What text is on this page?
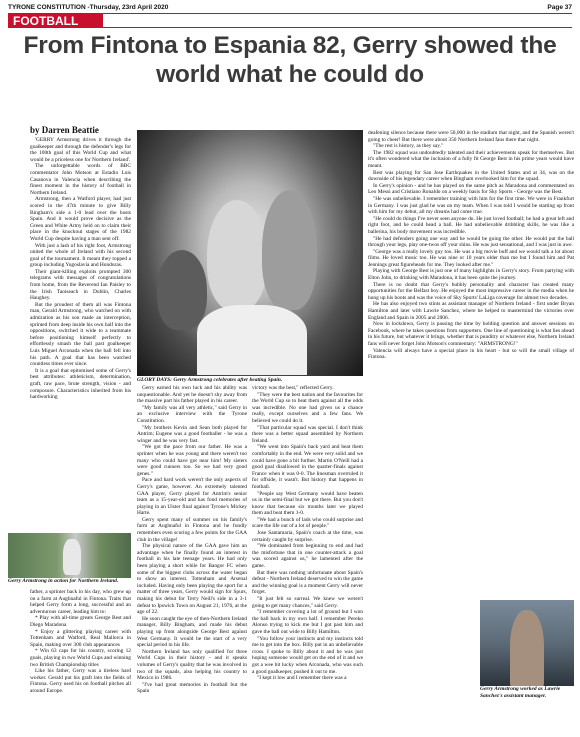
TYRONE CONSTITUTION -Thursday, 23rd April 2020	Page 37
FOOTBALL
From Fintona to Espania 82, Gerry showed the world what he could do
by Darren Beattie

'GERRY Armstrong drives it through the goalkeeper and through the defender's legs for the 100th goal of this World Cup and what would be a priceless one for Northern Ireland'.

The unforgettable words of BBC commentator John Motson at Estadio Luis Casanova in Valencia when describing the finest moment in the history of football in Northern Ireland.

Armstrong, then a Watford player, had just scored in the 47th minute to give Billy Bingham's side a 1-0 lead over the hosts Spain. And it would prove decisive as the Green and White Army held on to claim their place in the knockout stages of the 1982 World Cup despite having a man sent off.

With just a lash of his right foot, Armstrong united the whole of Ireland with his second goal of the tournament. It meant they topped a group including Yugoslavia and Honduras.

Their giant-killing exploits prompted 300 telegrams with messages of congratulations from home, from the Reverend Ian Paisley to the Irish Taoiseach in Dublin, Charles Haughey.

But the proudest of them all was Fintona man, Gerald Armstrong, who watched on with admiration as his son made an interception, sprinted from deep inside his own half into the oppositions, switched it wide to a teammate before positioning himself perfectly to effortlessly smash the ball past goalkeeper Luis Miguel Arconada when the ball fell into his path. A goal that has been watched countless times ever since.

It is a goal that epitomised some of Gerry's best attributes: athleticism, determination, graft, raw pace, brute strength, vision - and composure. Characteristics inherited from his hardworking

GLORY DAYS: Gerry Armstrong celebrates after beating Spain.
Gerry Armstrong in action for Northern Ireland.

father, a sprinter back in his day, who grew up on a farm at Aughnaful in Fintona. Traits that helped Gerry form a long, successful and an adventurous career, leading him to:

* Play with all-time greats George Best and Diego Maradona

* Enjoy a glittering playing career with Tottenham and Watford, Real Mallorca in Spain, making over 300 club appearances

* Win 63 caps for his country, scoring 12 goals, playing in two World Cups and winning two British Championship titles

Like his father, Gerry was a tireless hard worker. Gerald put his graft into the fields of Fintona. Gerry used his on football pitches all around Europe.

Gerry earned his own luck and his ability was unquestionable. And yet he doesn't shy away from the massive part his father played in his career.

"My family was all very athletic," said Gerry in an exclusive interview with the Tyrone Constitution.

"My brothers Kevin and Sean both played for Antrim; Eugene was a good footballer - he was a winger and he was very fast.

"We got the pace from our father. He was a sprinter when he was young and there weren't too many who could have got near him! My sisters were good runners too. So we had very good genes."

Pace and hard work weren't the only aspects of Gerry's game, however. An extremely talented GAA player, Gerry played for Antrim's senior team as a 15-year-old and has fond memories of playing in an Ulster final against Tyrone's Mickey Harte.

Gerry spent many of summer on his family's farm at Aughnaful in Fintona and he fondly remembers even scoring a few points for the GAA club in the village!

The physical nature of the GAA gave him an advantage when he finally found an interest in football in his late teenage years. He had only been playing a short while for Bangor FC when some of the biggest clubs across the water began to show an interest. Tottenham and Arsenal included. Having only been playing the sport for a matter of three years, Gerry would sign for Spurs, making his debut for Terry Neill's side in a 3-1 defeat to Ipswich Town on August 21, 1976, at the age of 22.

He soon caught the eye of then-Northern Ireland manager, Billy Bingham, and made his debut playing up front alongside George Best against West Germany. It would be the start of a very special period in his life.

Northern Ireland has only qualified for three World Cups in their history - and it speaks volumes of Gerry's quality that he was involved in two of the squads, also helping his country to Mexico in 1986.

"I've had great memories in football but the Spain

victory was the best," reflected Gerry.

"They were the best nation and the favourites for the World Cup so to beat them against all the odds was incredible. No one had given us a chance really, except ourselves and a few fans. We believed we could do it.

"That particular squad was special. I don't think there was a better squad assembled by Northern Ireland.

"We went into Spain's back yard and beat them comfortably in the end. We were very solid and we could have gone a bit further. Martin O'Neill had a good goal disallowed in the quarter-finals against France when it was 0-0. The linesman overruled it for offside, it wasn't. But history that happens in football.

"People say West Germany would have beaten us in the semi-final but we got there. But you don't know that because six months later we played them and beat them 1-0.

"We had a bunch of lads who could surprise and scare the life out of a lot of people."

Jose Santamaria, Spain's coach at the time, was certainly caught by surprise.

"We dominated from beginning to end and had the misfortune that in one counter-attack a goal was scored against us," he lamented after the game.

But there was nothing unfortunate about Spain's defeat - Northern Ireland deserved to win the game and the winning goal is a moment Gerry will never forget.

"It just felt so surreal. We knew we weren't going to get many chances," said Gerry.

"I remember covering a lot of ground but I won the ball back in my own half. I remember Pereko Alonso trying to kick me but I got past him and gave the ball out wide to Billy Hamilton.

"You follow your instincts and my instincts told me to get into the box. Billy put in an unbelievable cross. I spoke to Billy about it and he was just hoping someone would get on the end of it and we got a wee bit lucky when Arconada, who was such a good goalkeeper, pushed it out to me.

"I kept it low and I remember there was a

deafening silence because there were 50,000 in the stadium that night, and the Spanish weren't going to cheer! But there were about 350 Northern Ireland fans there that night.

"The rest is history, as they say."

The 1982 squad was undoubtedly talented and their achievements speak for themselves. But it's often wondered what the inclusion of a fully fit George Best in his prime years would have meant.

Best was playing for San Jose Earthquakes in the United States and at 34, was on the downside of his legendary career when Bingham overlooked him for the squad.

In Gerry's opinion - and he has played on the same pitch as Maradona and commentated on Leo Messi and Cristiano Ronaldo on a weekly basis for Sky Sports - George was the Best.

"He was unbelievable. I remember training with him for the first time. We were in Frankfurt in Germany. I was just glad he was on my team. When I was told I would be starting up front with him for my debut, all my dreams had come true.

"He could do things I've never seen anyone do. He just loved football; he had a great left and right foot, and he could head a ball. He had unbelievable dribbling skills, he was like a ballerina, his body movement was incredible.

"He had defenders going one way and he would be going the other. He would put the ball through your legs, play one-twos off your shins. He was just sensational, and I was just in awe.

"George was a really lovely guy too. He was a big movie buff and we would talk a lot about films. He loved music too. He was nine or 10 years older than me but I found him and Pat Jennings great figureheads for me. They looked after me."

Playing with George Best is just one of many highlights in Gerry's story. From partying with Elton John, to drinking with Maradona, it has been quite the journey.

There is no doubt that Gerry's bubbly personality and character has created many opportunities for the Belfast boy. He enjoyed the most impressive career in the media when he hung up his boots and was the voice of Sky Sports' LaLiga coverage for almost two decades.

He has also enjoyed two stints as assistant manager of Northern Ireland - first under Bryan Hamilton and later with Lawrie Sanchez, where he helped to mastermind the victories over England and Spain in 2005 and 2006.

Now in lockdown, Gerry is passing the time by holding question and answer sessions on Facebook, where he takes questions from supporters. One line of questioning is what lies ahead in his future, but whatever it brings, whether that is punditry or whatever else, Northern Ireland fans will never forget John Motson's commentary: "ARMSTRONG!"

Valencia will always have a special place in his heart - but so will the small village of Fintona.

Gerry Armstrong worked as Lawrie Sanchez's assistant manager.
